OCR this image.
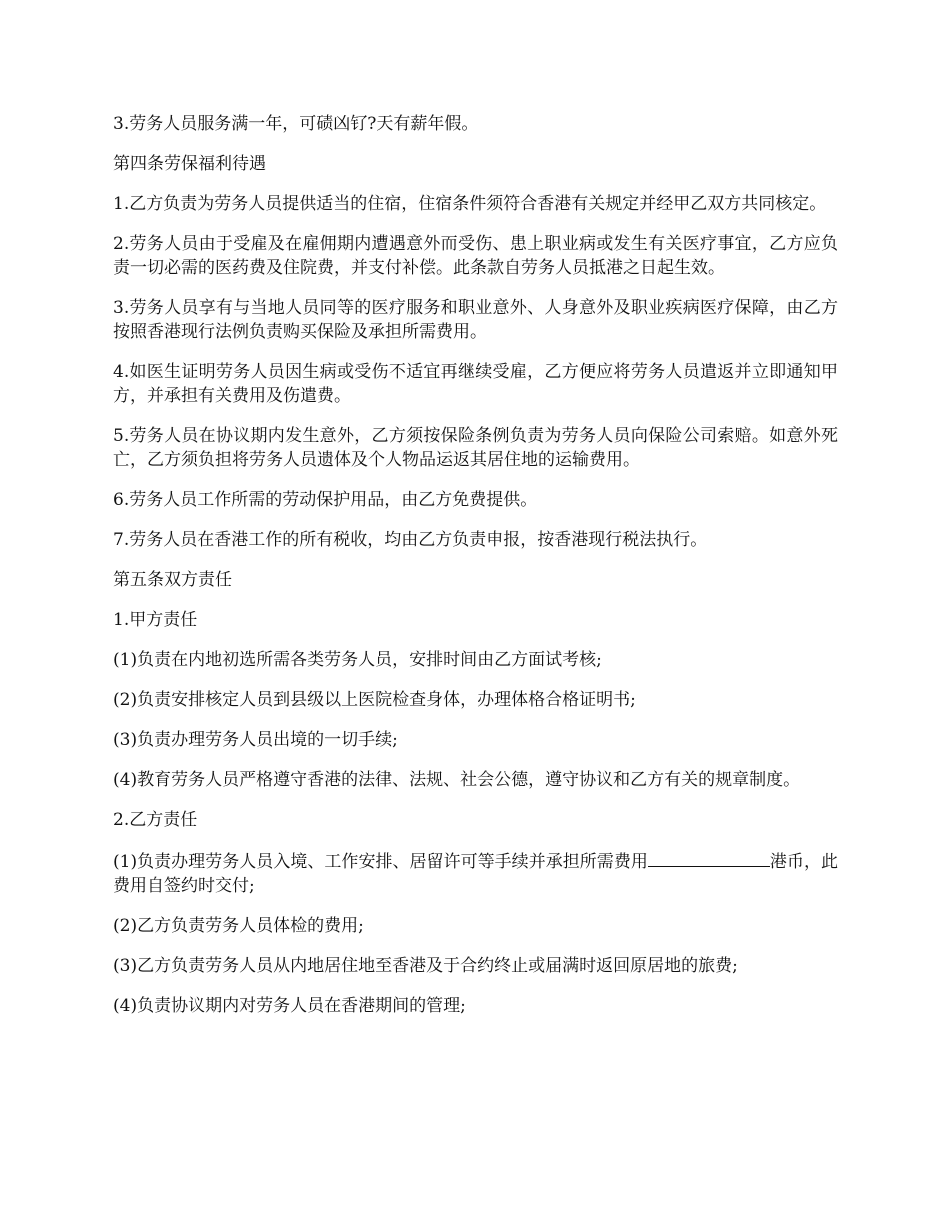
3.劳务人员服务满一年，可碛凶钌?天有薪年假。

第四条劳保福利待遇

1.乙方负责为劳务人员提供适当的住宿，住宿条件须符合香港有关规定并经甲乙双方共同核定。

2.劳务人员由于受雇及在雇佣期内遭遇意外而受伤、患上职业病或发生有关医疗事宜，乙方应负责一切必需的医药费及住院费，并支付补偿。此条款自劳务人员抵港之日起生效。

3.劳务人员享有与当地人员同等的医疗服务和职业意外、人身意外及职业疾病医疗保障，由乙方按照香港现行法例负责购买保险及承担所需费用。

4.如医生证明劳务人员因生病或受伤不适宜再继续受雇，乙方便应将劳务人员遣返并立即通知甲方，并承担有关费用及伤遣费。

5.劳务人员在协议期内发生意外，乙方须按保险条例负责为劳务人员向保险公司索赔。如意外死亡，乙方须负担将劳务人员遗体及个人物品运返其居住地的运输费用。

6.劳务人员工作所需的劳动保护用品，由乙方免费提供。

7.劳务人员在香港工作的所有税收，均由乙方负责申报，按香港现行税法执行。

第五条双方责任

1.甲方责任

(1)负责在内地初选所需各类劳务人员，安排时间由乙方面试考核;

(2)负责安排核定人员到县级以上医院检查身体，办理体格合格证明书;

(3)负责办理劳务人员出境的一切手续;

(4)教育劳务人员严格遵守香港的法律、法规、社会公德，遵守协议和乙方有关的规章制度。

2.乙方责任

(1)负责办理劳务人员入境、工作安排、居留许可等手续并承担所需费用	港币，此费用自签约时交付;

(2)乙方负责劳务人员体检的费用;

(3)乙方负责劳务人员从内地居住地至香港及于合约终止或届满时返回原居地的旅费;

(4)负责协议期内对劳务人员在香港期间的管理;
